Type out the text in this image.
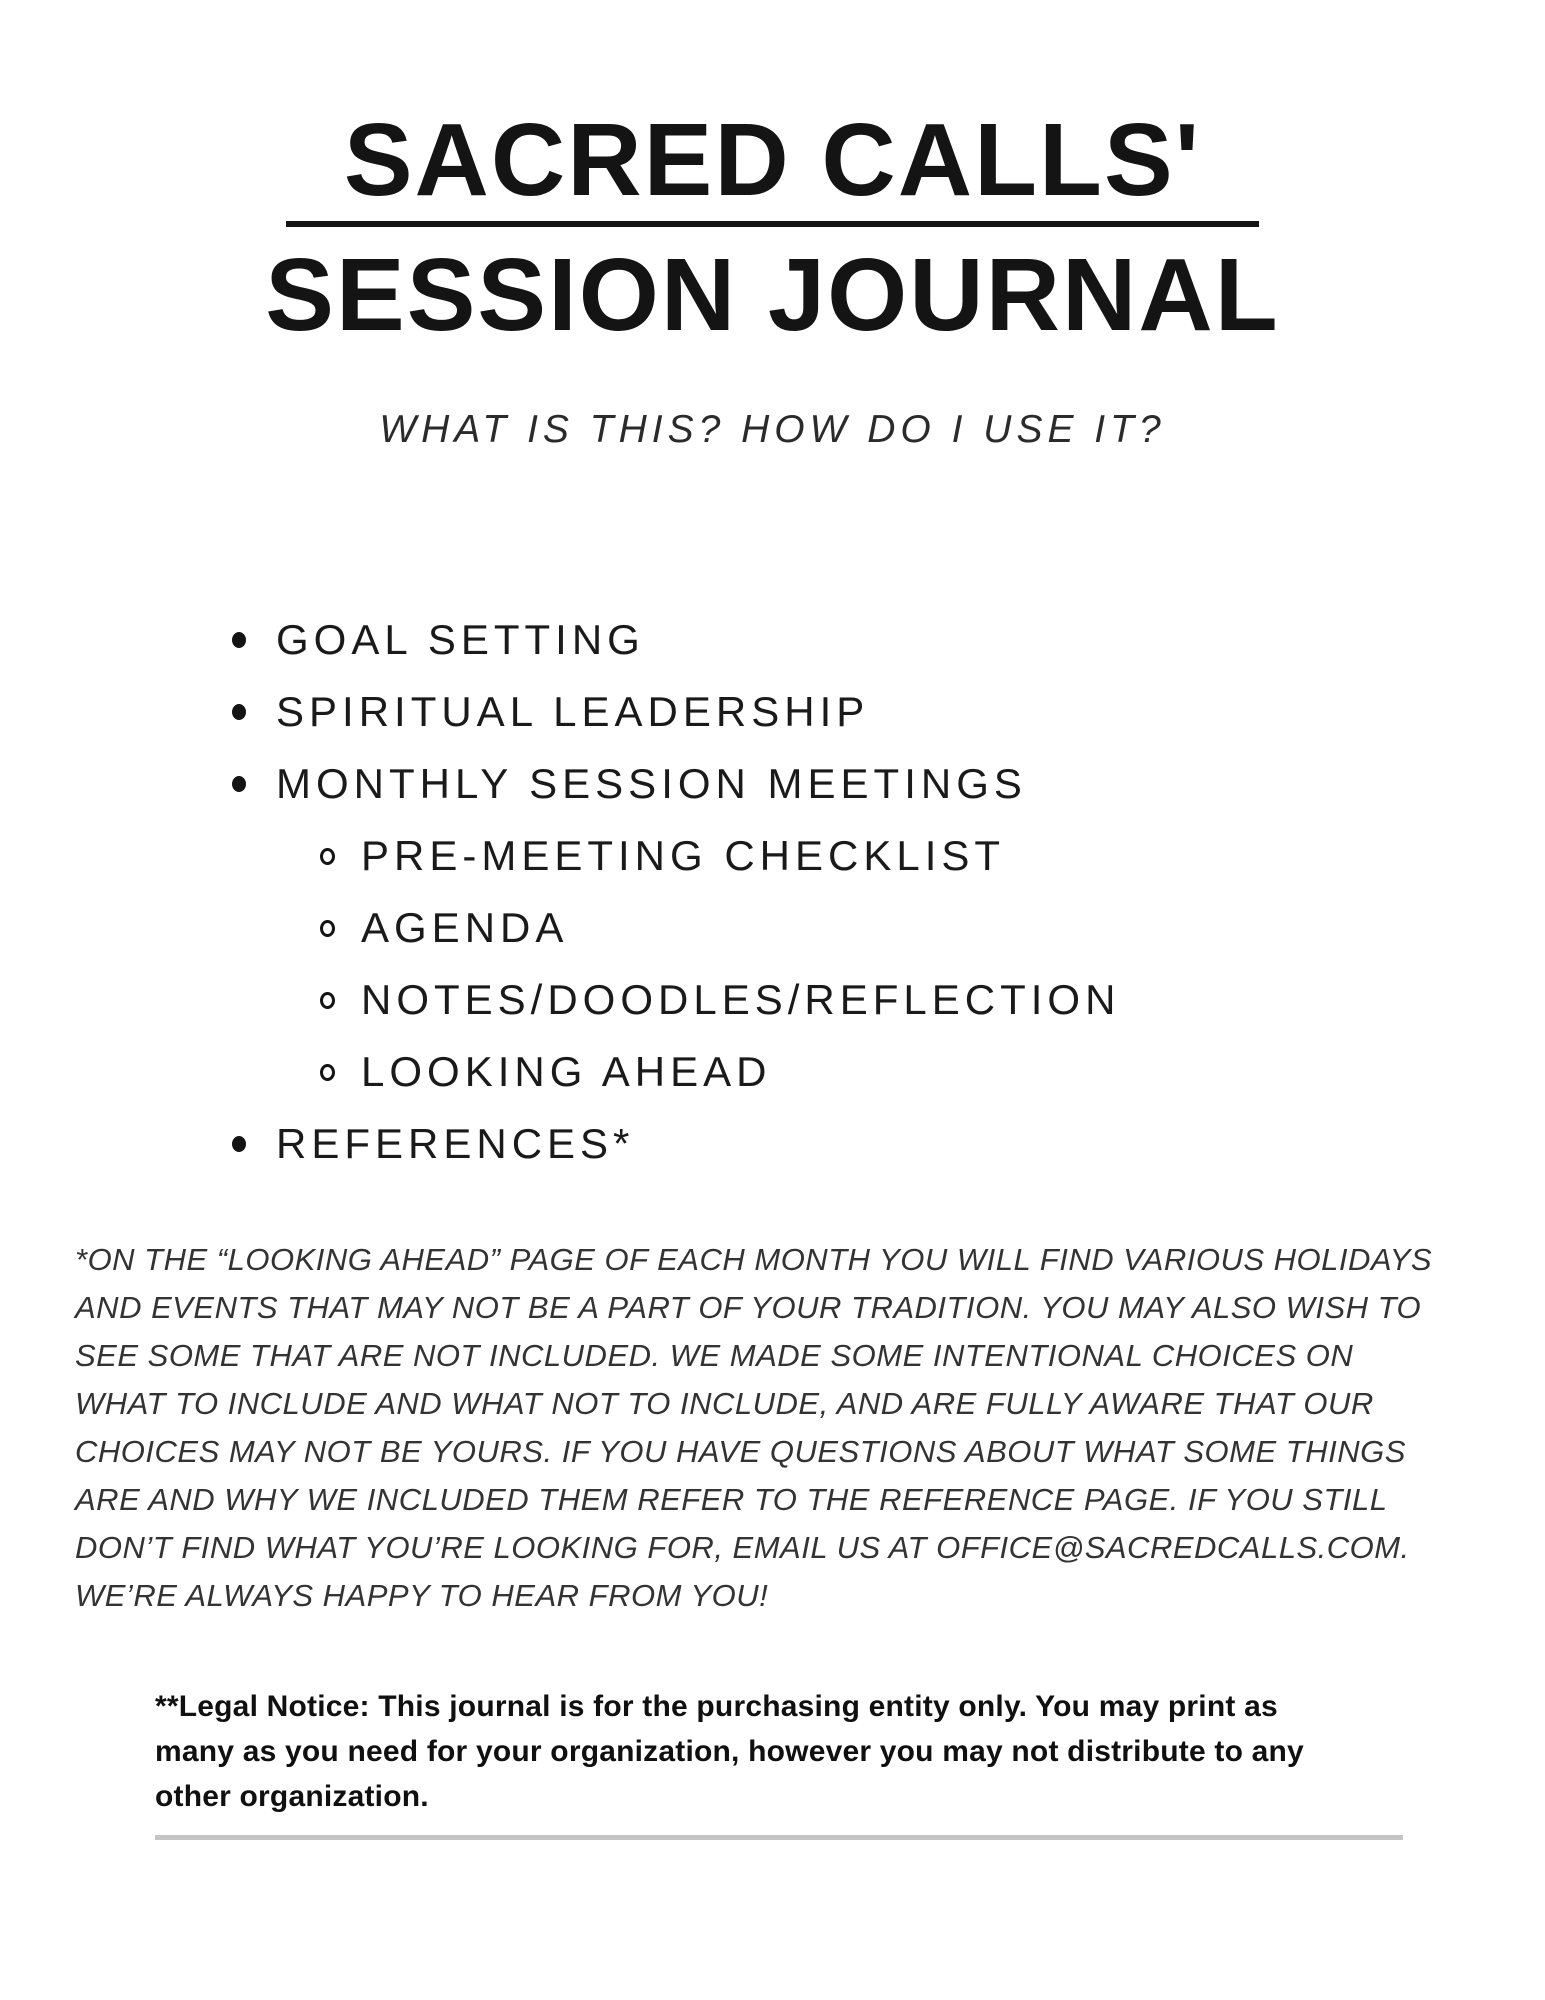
SACRED CALLS'
SESSION JOURNAL
WHAT IS THIS? HOW DO I USE IT?
GOAL SETTING
SPIRITUAL LEADERSHIP
MONTHLY SESSION MEETINGS
PRE-MEETING CHECKLIST
AGENDA
NOTES/DOODLES/REFLECTION
LOOKING AHEAD
REFERENCES*
*ON THE “LOOKING AHEAD” PAGE OF EACH MONTH YOU WILL FIND VARIOUS HOLIDAYS
AND EVENTS THAT MAY NOT BE A PART OF YOUR TRADITION. YOU MAY ALSO WISH TO
SEE SOME THAT ARE NOT INCLUDED. WE MADE SOME INTENTIONAL CHOICES ON
WHAT TO INCLUDE AND WHAT NOT TO INCLUDE, AND ARE FULLY AWARE THAT OUR
CHOICES MAY NOT BE YOURS. IF YOU HAVE QUESTIONS ABOUT WHAT SOME THINGS
ARE AND WHY WE INCLUDED THEM REFER TO THE REFERENCE PAGE. IF YOU STILL
DON’T FIND WHAT YOU’RE LOOKING FOR, EMAIL US AT OFFICE@SACREDCALLS.COM.
WE’RE ALWAYS HAPPY TO HEAR FROM YOU!
**Legal Notice: This journal is for the purchasing entity only. You may print as
many as you need for your organization, however you may not distribute to any
other organization.
